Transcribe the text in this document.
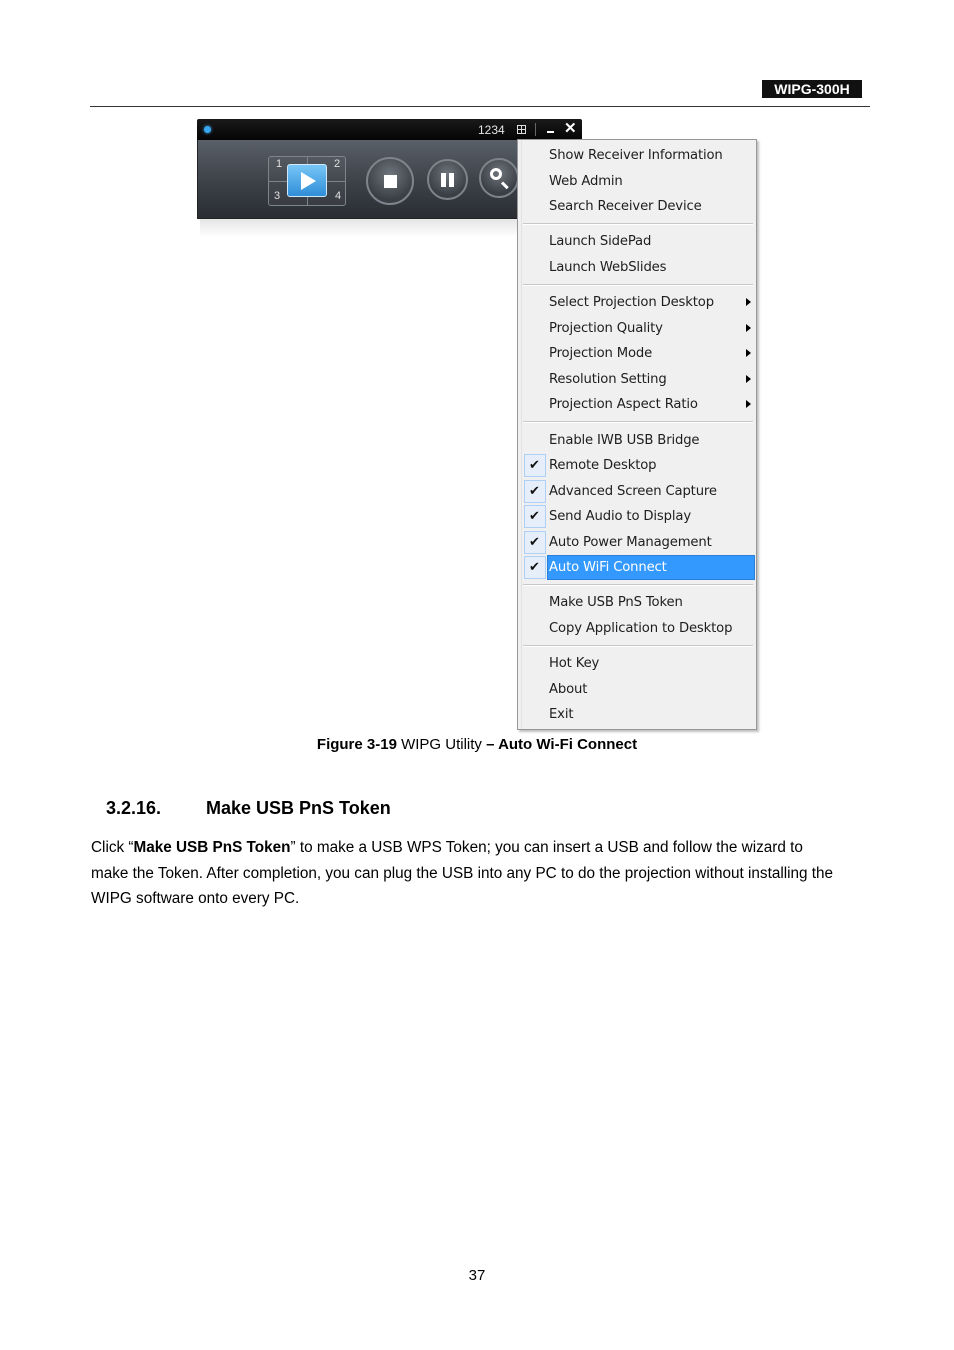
WIPG-300H
1234	✕
1	2
3	4
Show Receiver Information
Web Admin
Search Receiver Device
Launch SidePad
Launch WebSlides
Select Projection Desktop
Projection Quality
Projection Mode
Resolution Setting
Projection Aspect Ratio
Enable IWB USB Bridge
✔ Remote Desktop
✔ Advanced Screen Capture
✔ Send Audio to Display
✔ Auto Power Management
✔ Auto WiFi Connect
Make USB PnS Token
Copy Application to Desktop
Hot Key
About
Exit
Figure 3-19 WIPG Utility – Auto Wi-Fi Connect
3.2.16. Make USB PnS Token

Click “Make USB PnS Token” to make a USB WPS Token; you can insert a USB and follow the wizard to

make the Token. After completion, you can plug the USB into any PC to do the projection without installing the

WIPG software onto every PC.

37
